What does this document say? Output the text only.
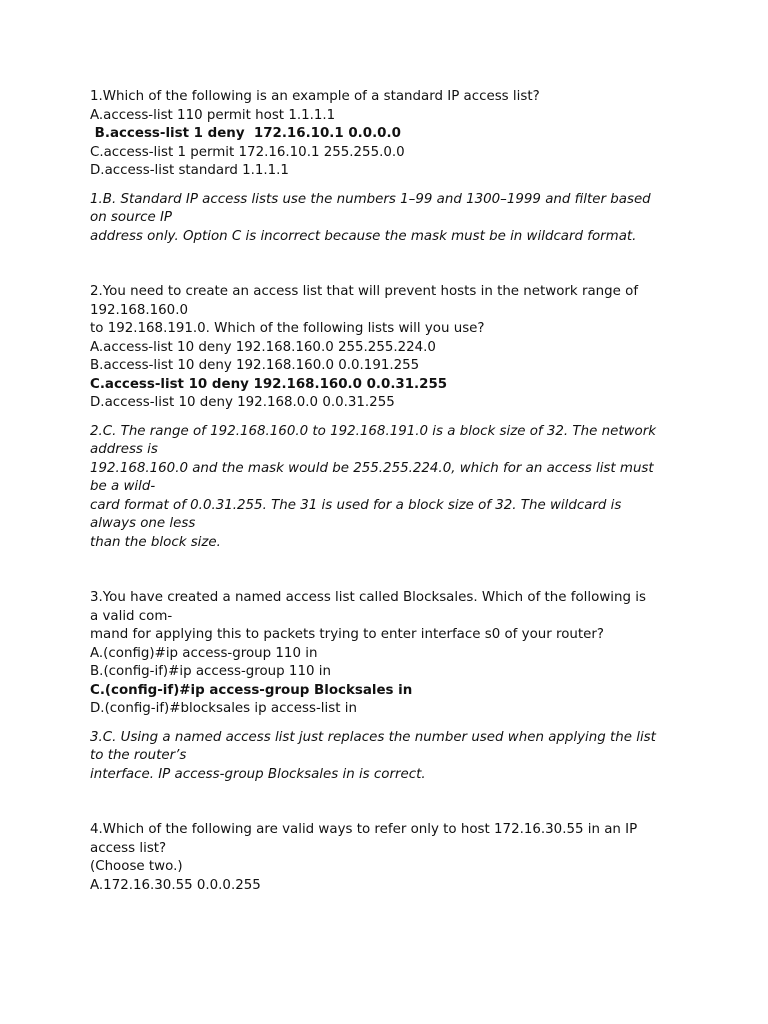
1.Which of the following is an example of a standard IP access list?

A.access-list 110 permit host 1.1.1.1

B.access-list 1 deny  172.16.10.1 0.0.0.0

C.access-list 1 permit 172.16.10.1 255.255.0.0

D.access-list standard 1.1.1.1

1.B. Standard IP access lists use the numbers 1–99 and 1300–1999 and filter based

on source IP

address only. Option C is incorrect because the mask must be in wildcard format.

2.You need to create an access list that will prevent hosts in the network range of

192.168.160.0

to 192.168.191.0. Which of the following lists will you use?

A.access-list 10 deny 192.168.160.0 255.255.224.0

B.access-list 10 deny 192.168.160.0 0.0.191.255

C.access-list 10 deny 192.168.160.0 0.0.31.255

D.access-list 10 deny 192.168.0.0 0.0.31.255

2.C. The range of 192.168.160.0 to 192.168.191.0 is a block size of 32. The network

address is

192.168.160.0 and the mask would be 255.255.224.0, which for an access list must

be a wild-

card format of 0.0.31.255. The 31 is used for a block size of 32. The wildcard is

always one less

than the block size.

3.You have created a named access list called Blocksales. Which of the following is

a valid com-

mand for applying this to packets trying to enter interface s0 of your router?

A.(config)#ip access-group 110 in

B.(config-if)#ip access-group 110 in

C.(config-if)#ip access-group Blocksales in

D.(config-if)#blocksales ip access-list in

3.C. Using a named access list just replaces the number used when applying the list

to the router’s

interface. IP access-group Blocksales in is correct.

4.Which of the following are valid ways to refer only to host 172.16.30.55 in an IP

access list?

(Choose two.)

A.172.16.30.55 0.0.0.255
